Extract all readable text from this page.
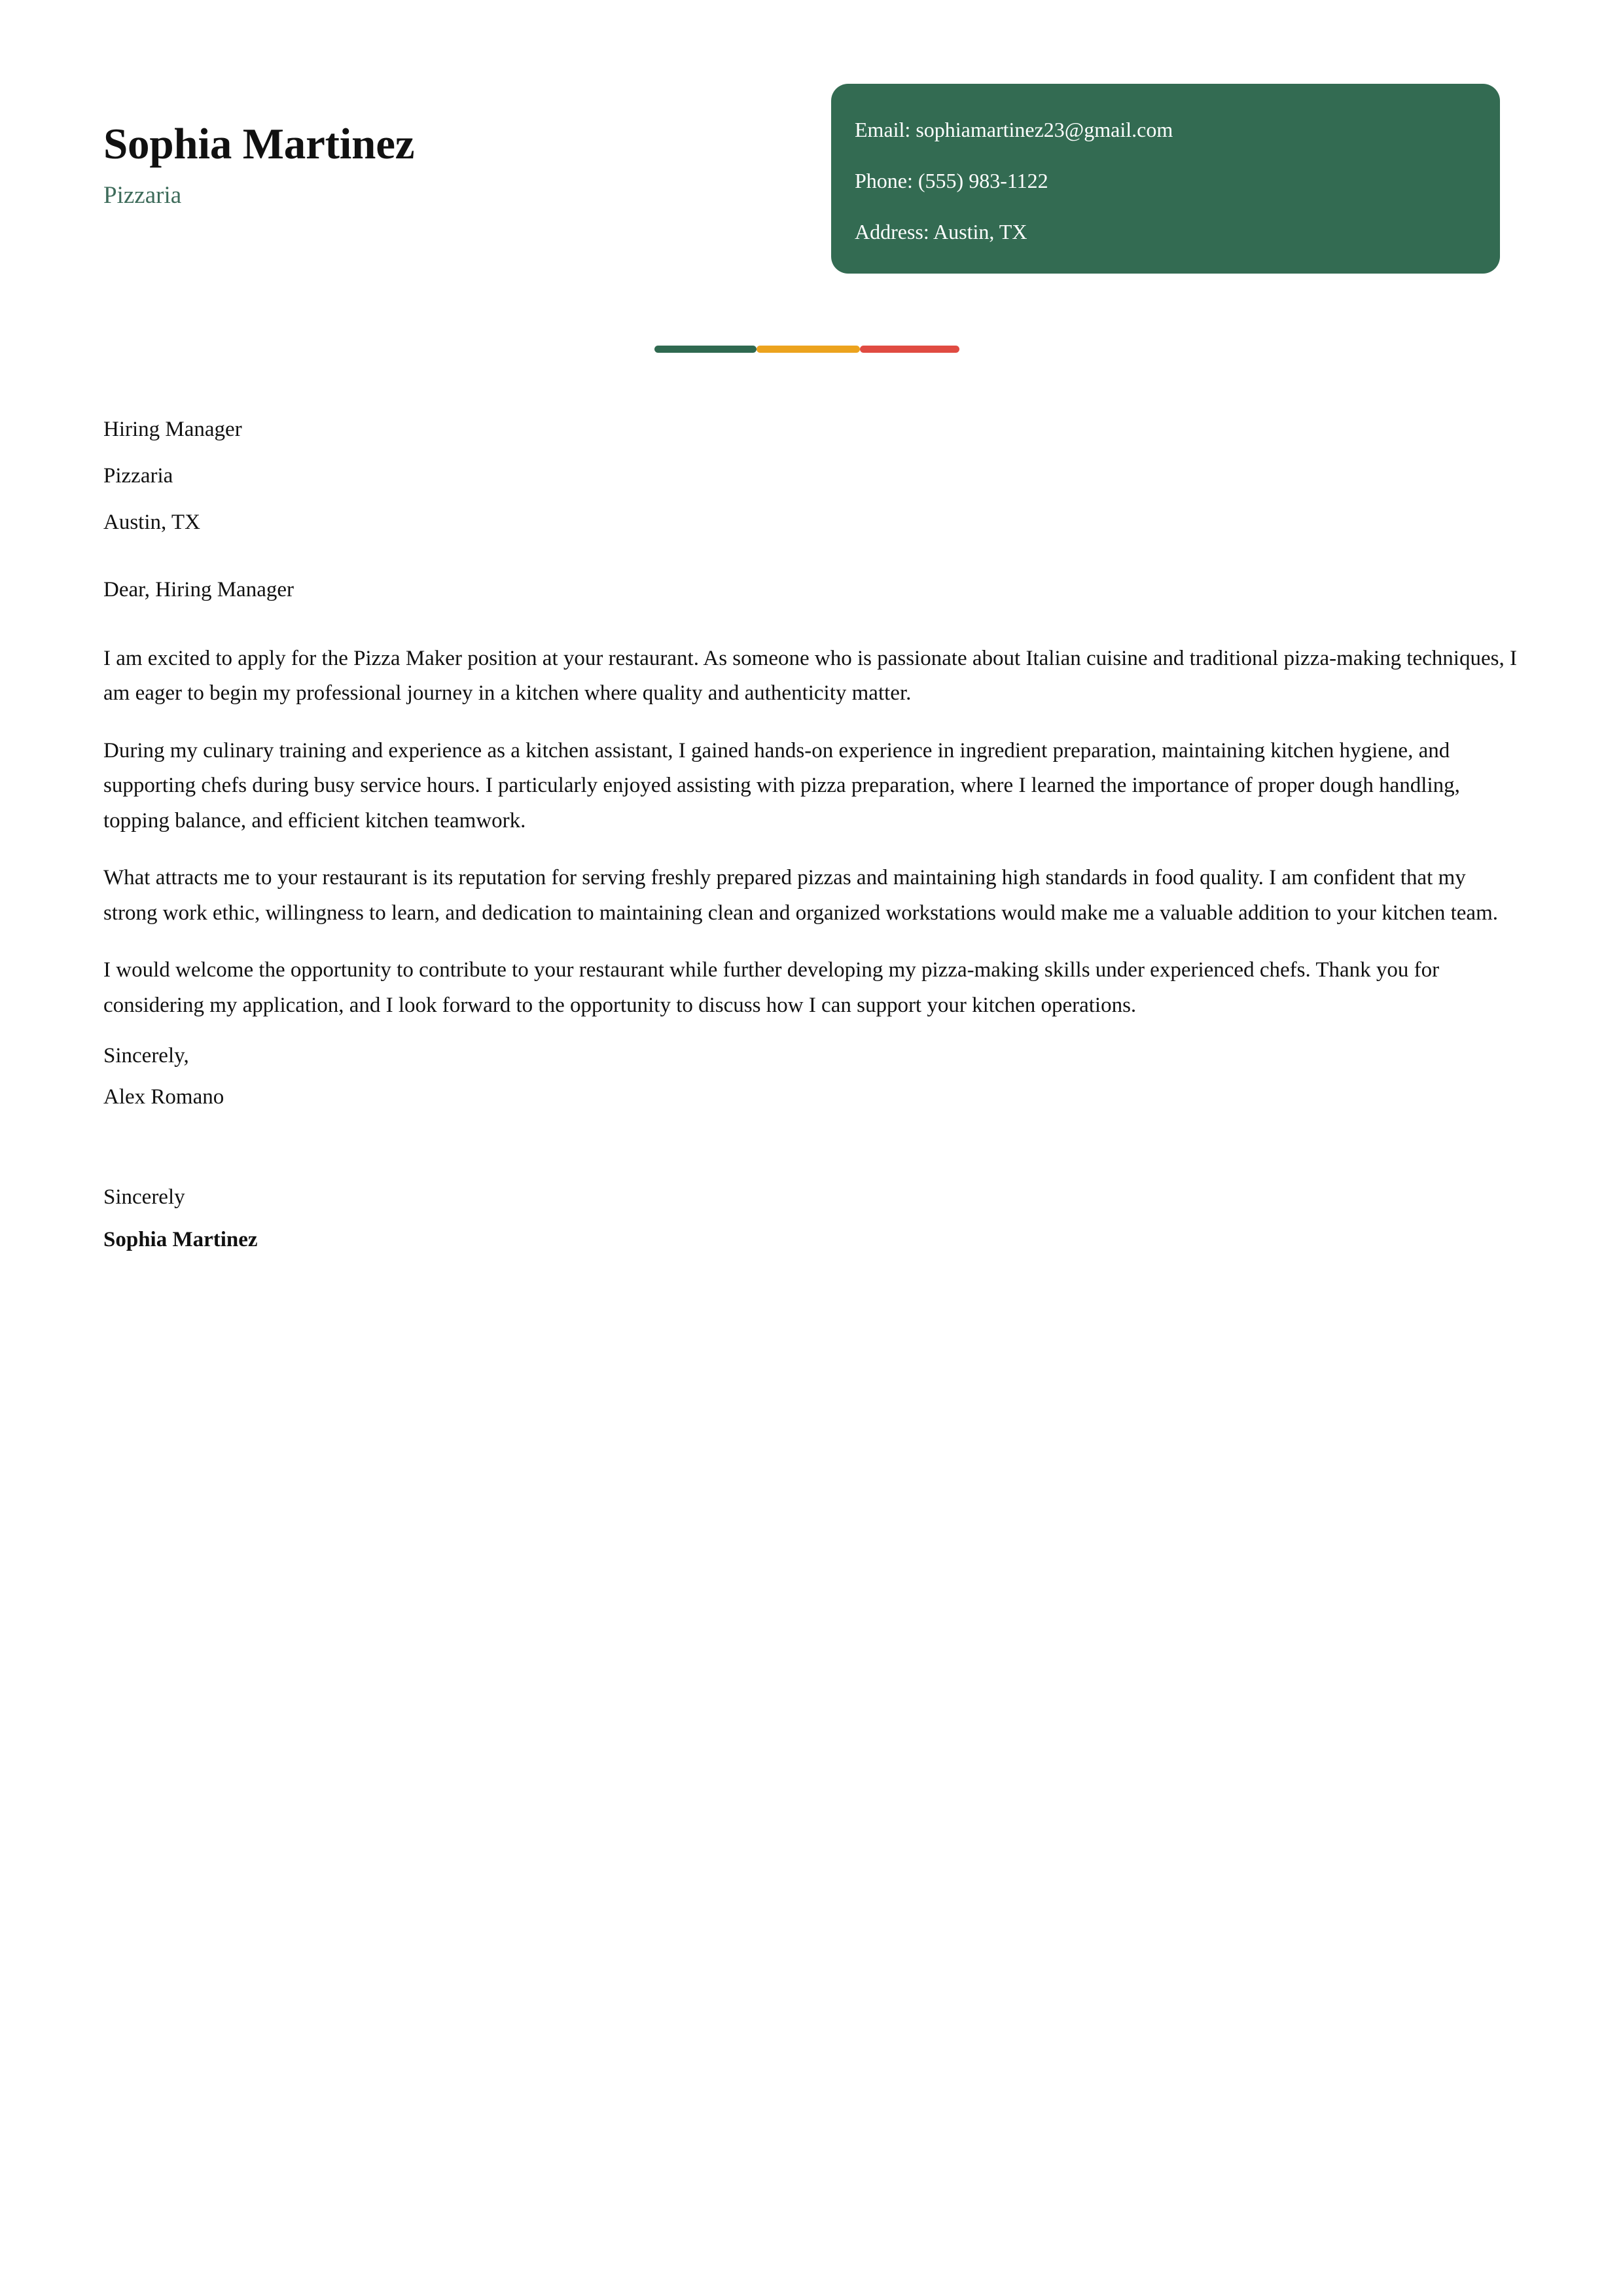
Sophia Martinez
Pizzaria
Email: sophiamartinez23@gmail.com
Phone: (555) 983-1122
Address: Austin, TX
Hiring Manager
Pizzaria
Austin, TX
Dear, Hiring Manager

I am excited to apply for the Pizza Maker position at your restaurant. As someone who is passionate about Italian cuisine and traditional pizza-making techniques, I am eager to begin my professional journey in a kitchen where quality and authenticity matter.

During my culinary training and experience as a kitchen assistant, I gained hands-on experience in ingredient preparation, maintaining kitchen hygiene, and supporting chefs during busy service hours. I particularly enjoyed assisting with pizza preparation, where I learned the importance of proper dough handling, topping balance, and efficient kitchen teamwork.

What attracts me to your restaurant is its reputation for serving freshly prepared pizzas and maintaining high standards in food quality. I am confident that my strong work ethic, willingness to learn, and dedication to maintaining clean and organized workstations would make me a valuable addition to your kitchen team.

I would welcome the opportunity to contribute to your restaurant while further developing my pizza-making skills under experienced chefs. Thank you for considering my application, and I look forward to the opportunity to discuss how I can support your kitchen operations.

Sincerely,
Alex Romano
Sincerely
Sophia Martinez
